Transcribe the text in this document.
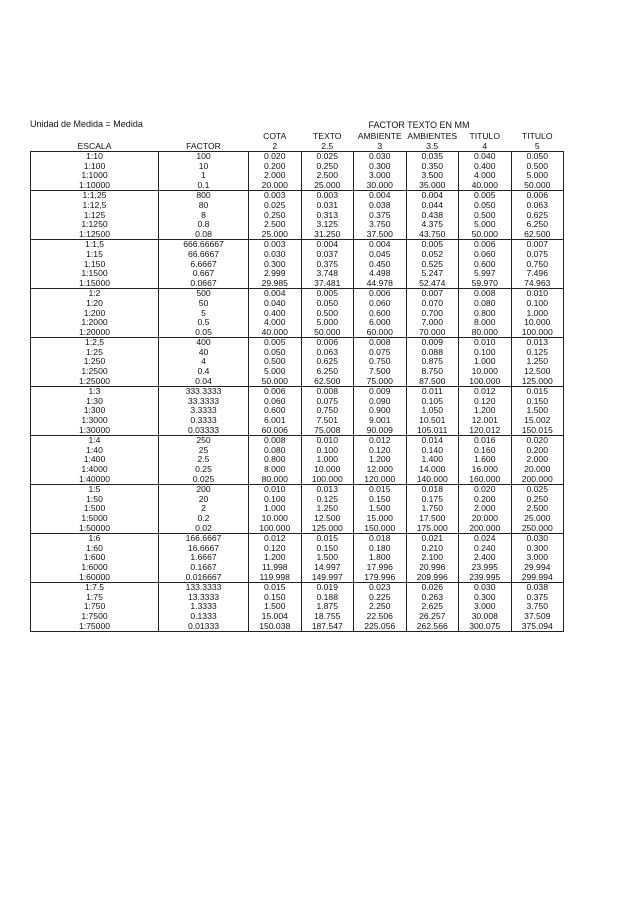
Unidad de Medida = Medida	FACTOR TEXTO EN MM
		COTA	TEXTO	AMBIENTE	AMBIENTES	TITULO	TITULO
ESCALA	FACTOR	2	2.5	3	3.5	4	5
1:10	100	0.020	0.025	0.030	0.035	0.040	0.050
1:100	10	0.200	0.250	0.300	0.350	0.400	0.500
1:1000	1	2.000	2.500	3.000	3.500	4.000	5.000
1:10000	0.1	20.000	25.000	30.000	35.000	40.000	50.000
1:1,25	800	0.003	0.003	0.004	0.004	0.005	0.006
1:12,5	80	0.025	0.031	0.038	0.044	0.050	0.063
1:125	8	0.250	0.313	0.375	0.438	0.500	0.625
1:1250	0.8	2.500	3.125	3.750	4.375	5.000	6.250
1:12500	0.08	25.000	31.250	37.500	43.750	50.000	62.500
1:1,5	666.66667	0.003	0.004	0.004	0.005	0.006	0.007
1:15	66.6667	0.030	0.037	0.045	0.052	0.060	0.075
1:150	6.6667	0.300	0.375	0.450	0.525	0.600	0.750
1:1500	0.667	2.999	3.748	4.498	5.247	5.997	7.496
1:15000	0.0667	29.985	37.481	44.978	52.474	59.970	74.963
1:2	500	0.004	0.005	0.006	0.007	0.008	0.010
1:20	50	0.040	0.050	0.060	0.070	0.080	0.100
1:200	5	0.400	0.500	0.600	0.700	0.800	1.000
1:2000	0.5	4.000	5.000	6.000	7.000	8.000	10.000
1:20000	0.05	40.000	50.000	60.000	70.000	80.000	100.000
1:2,5	400	0.005	0.006	0.008	0.009	0.010	0.013
1:25	40	0.050	0.063	0.075	0.088	0.100	0.125
1:250	4	0.500	0.625	0.750	0.875	1.000	1.250
1:2500	0.4	5.000	6.250	7.500	8.750	10.000	12.500
1:25000	0.04	50.000	62.500	75.000	87.500	100.000	125.000
1:3	333.3333	0.006	0.008	0.009	0.011	0.012	0.015
1:30	33.3333	0.060	0.075	0.090	0.105	0.120	0.150
1:300	3.3333	0.600	0.750	0.900	1.050	1.200	1.500
1:3000	0.3333	6.001	7.501	9.001	10.501	12.001	15.002
1:30000	0.03333	60.006	75.008	90.009	105.011	120.012	150.015
1:4	250	0.008	0.010	0.012	0.014	0.016	0.020
1:40	25	0.080	0.100	0.120	0.140	0.160	0.200
1:400	2.5	0.800	1.000	1.200	1.400	1.600	2.000
1:4000	0.25	8.000	10.000	12.000	14.000	16.000	20.000
1:40000	0.025	80.000	100.000	120.000	140.000	160.000	200.000
1:5	200	0.010	0.013	0.015	0.018	0.020	0.025
1:50	20	0.100	0.125	0.150	0.175	0.200	0.250
1:500	2	1.000	1.250	1.500	1.750	2.000	2.500
1:5000	0.2	10.000	12.500	15.000	17.500	20.000	25.000
1:50000	0.02	100.000	125.000	150.000	175.000	200.000	250.000
1:6	166.6667	0.012	0.015	0.018	0.021	0.024	0.030
1:60	16.6667	0.120	0.150	0.180	0.210	0.240	0.300
1:600	1.6667	1.200	1.500	1.800	2.100	2.400	3.000
1:6000	0.1667	11.998	14.997	17.996	20.996	23.995	29.994
1:60000	0.016667	119.998	149.997	179.996	209.996	239.995	299.994
1:7.5	133.3333	0.015	0.019	0.023	0.026	0.030	0.038
1:75	13.3333	0.150	0.188	0.225	0.263	0.300	0.375
1:750	1.3333	1.500	1.875	2.250	2.625	3.000	3.750
1:7500	0.1333	15.004	18.755	22.506	26.257	30.008	37.509
1:75000	0.01333	150.038	187.547	225.056	262.566	300.075	375.094
